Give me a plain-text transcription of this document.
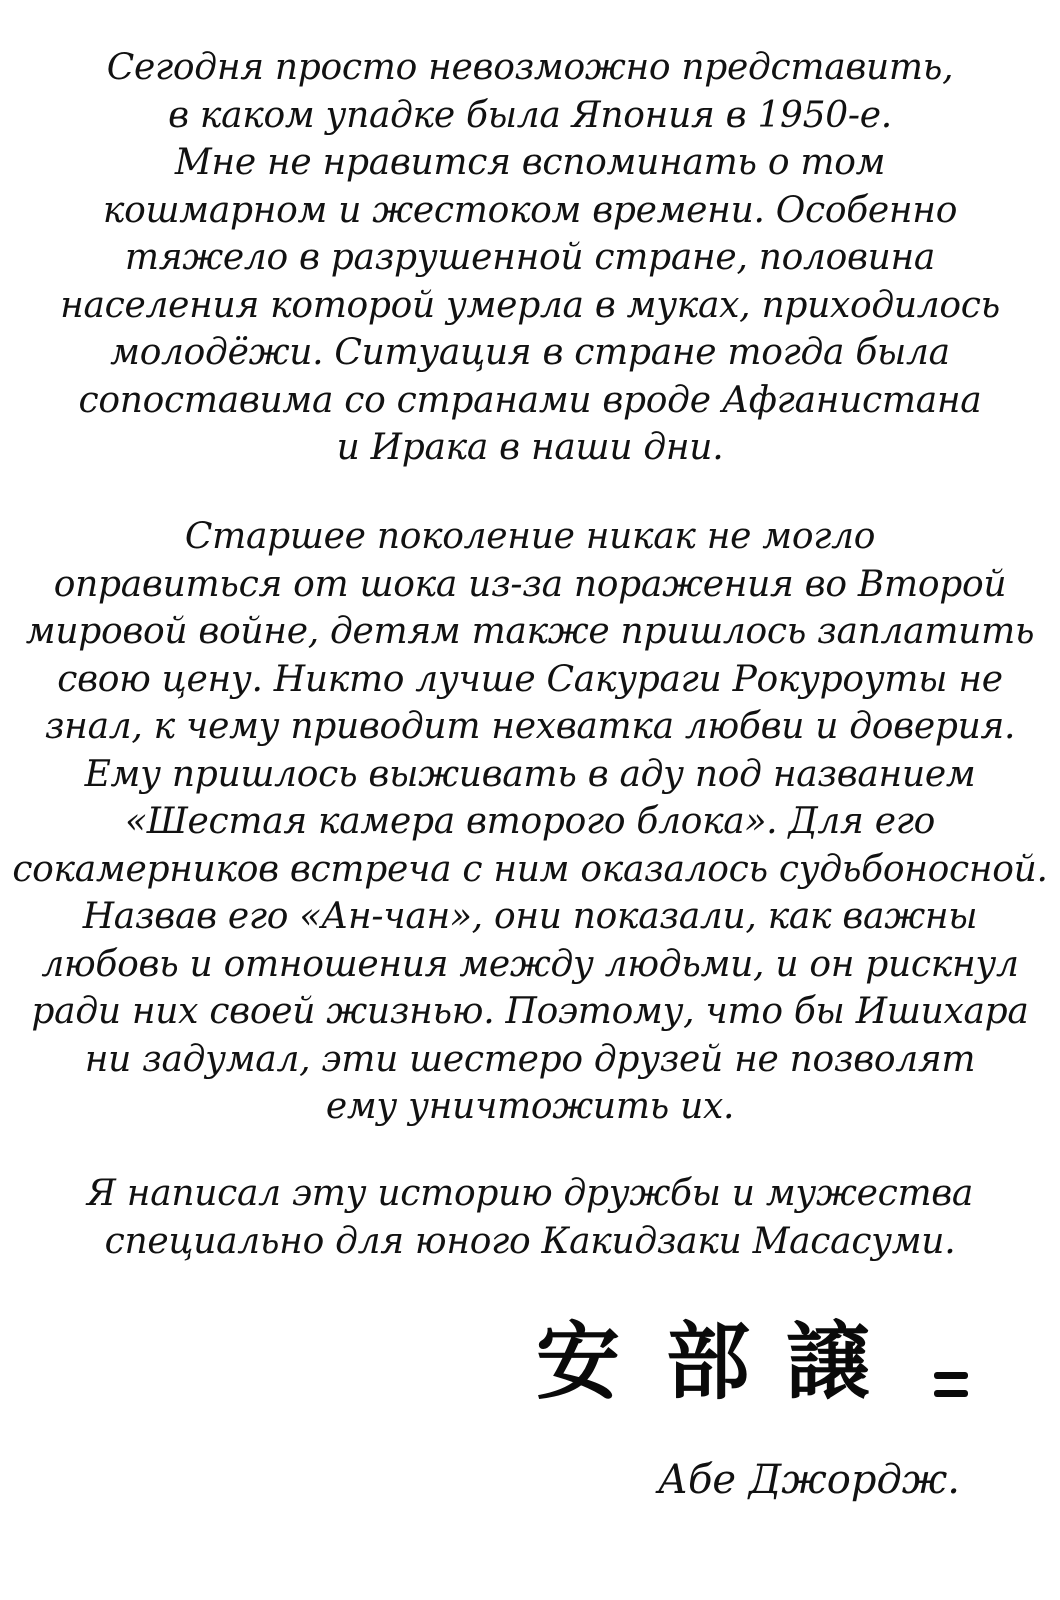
Сегодня просто невозможно представить,
в каком упадке была Япония в 1950-е.
Мне не нравится вспоминать о том
кошмарном и жестоком времени. Особенно
тяжело в разрушенной стране, половина
населения которой умерла в муках, приходилось
молодёжи. Ситуация в стране тогда была
сопоставима со странами вроде Афганистана
и Ирака в наши дни.
Старшее поколение никак не могло
оправиться от шока из-за поражения во Второй
мировой войне, детям также пришлось заплатить
свою цену. Никто лучше Сакураги Рокуроуты не
знал, к чему приводит нехватка любви и доверия.
Ему пришлось выживать в аду под названием
«Шестая камера второго блока». Для его
сокамерников встреча с ним оказалось судьбоносной.
Назвав его «Ан-чан», они показали, как важны
любовь и отношения между людьми, и он рискнул
ради них своей жизнью. Поэтому, что бы Ишихара
ни задумал, эти шестеро друзей не позволят
ему уничтожить их.
Я написал эту историю дружбы и мужества
специально для юного Какидзаки Масасуми.
安 部 譲
Абе Джордж.
